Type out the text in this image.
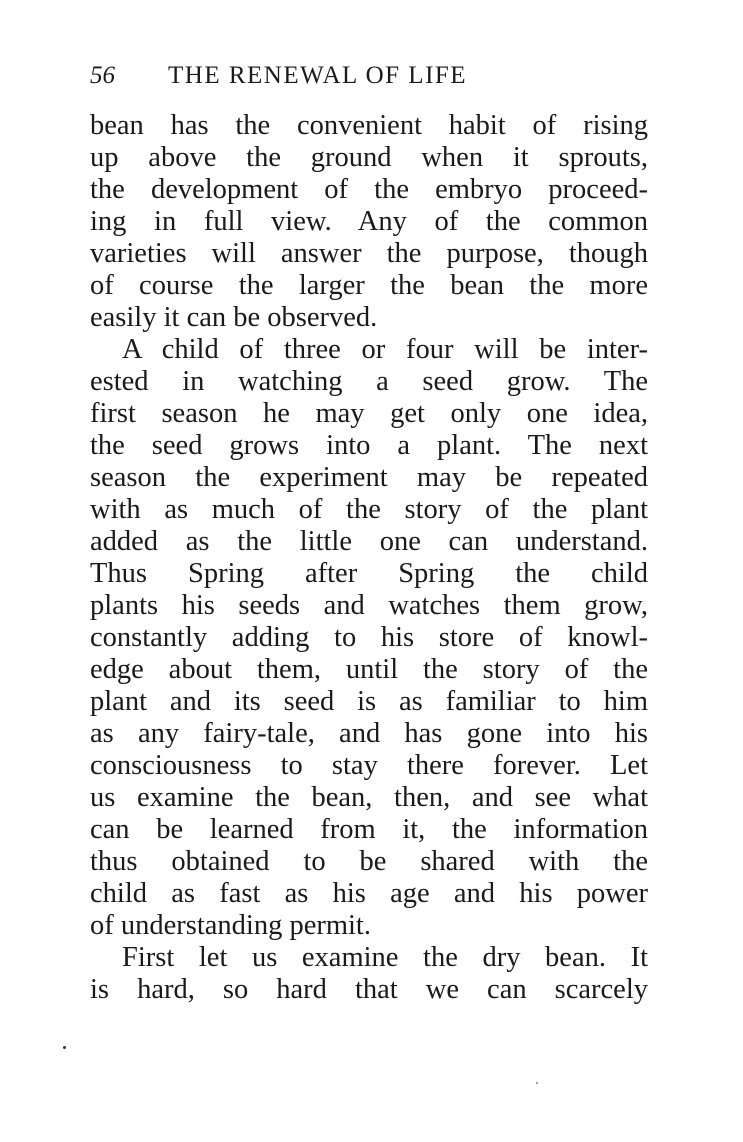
56 THE RENEWAL OF LIFE
bean has the convenient habit of rising
up above the ground when it sprouts,
the development of the embryo proceed-
ing in full view. Any of the common
varieties will answer the purpose, though
of course the larger the bean the more
easily it can be observed.
A child of three or four will be inter-
ested in watching a seed grow. The
first season he may get only one idea,
the seed grows into a plant. The next
season the experiment may be repeated
with as much of the story of the plant
added as the little one can understand.
Thus Spring after Spring the child
plants his seeds and watches them grow,
constantly adding to his store of knowl-
edge about them, until the story of the
plant and its seed is as familiar to him
as any fairy-tale, and has gone into his
consciousness to stay there forever. Let
us examine the bean, then, and see what
can be learned from it, the information
thus obtained to be shared with the
child as fast as his age and his power
of understanding permit.
First let us examine the dry bean. It
is hard, so hard that we can scarcely
